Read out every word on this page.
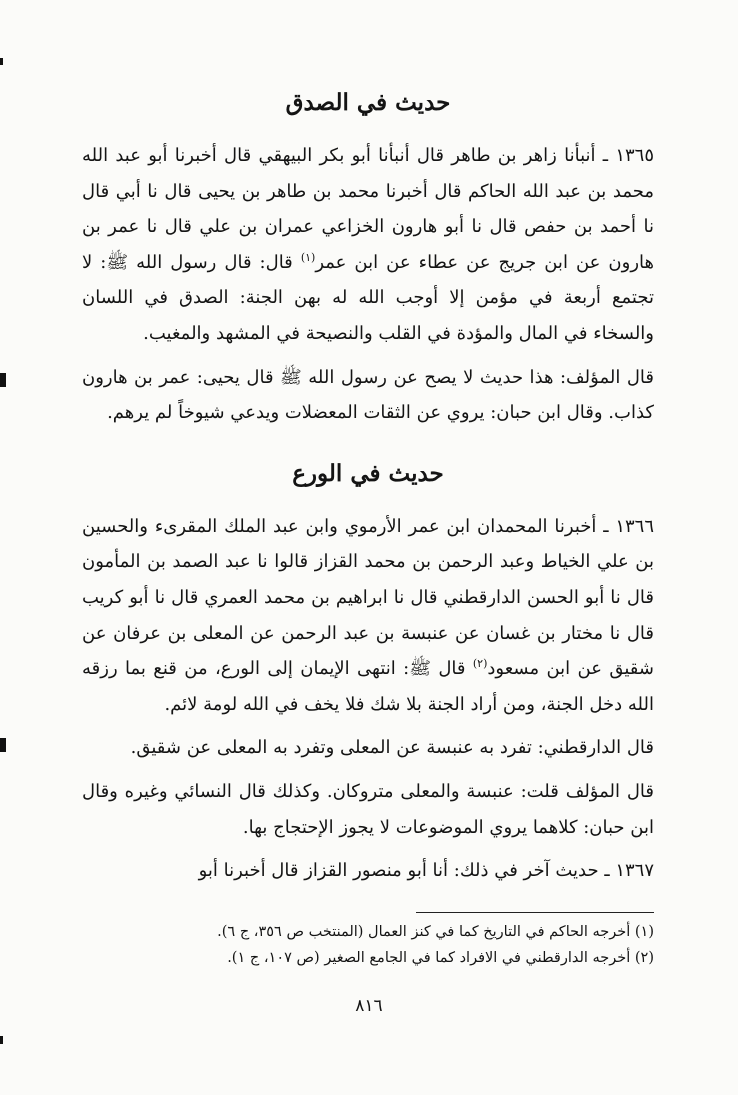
حديث في الصدق

١٣٦٥ ـ أنبأنا زاهر بن طاهر قال أنبأنا أبو بكر البيهقي قال أخبرنا أبو عبد الله محمد بن عبد الله الحاكم قال أخبرنا محمد بن طاهر بن يحيى قال نا أبي قال نا أحمد بن حفص قال نا أبو هارون الخزاعي عمران بن علي قال نا عمر بن هارون عن ابن جريج عن عطاء عن ابن عمر$^{(١)}$ قال: قال رسول الله ﷺ: لا تجتمع أربعة في مؤمن إلا أوجب الله له بهن الجنة: الصدق في اللسان والسخاء في المال والمؤدة في القلب والنصيحة في المشهد والمغيب.

قال المؤلف: هذا حديث لا يصح عن رسول الله ﷺ قال يحيى: عمر بن هارون كذاب. وقال ابن حبان: يروي عن الثقات المعضلات ويدعي شيوخاً لم يرهم.

حديث في الورع

١٣٦٦ ـ أخبرنا المحمدان ابن عمر الأرموي وابن عبد الملك المقرىء والحسين بن علي الخياط وعبد الرحمن بن محمد القزاز قالوا نا عبد الصمد بن المأمون قال نا أبو الحسن الدارقطني قال نا ابراهيم بن محمد العمري قال نا أبو كريب قال نا مختار بن غسان عن عنبسة بن عبد الرحمن عن المعلى بن عرفان عن شقيق عن ابن مسعود$^{(٢)}$ قال ﷺ: انتهى الإيمان إلى الورع، من قنع بما رزقه الله دخل الجنة، ومن أراد الجنة بلا شك فلا يخف في الله لومة لائم.

قال الدارقطني: تفرد به عنبسة عن المعلى وتفرد به المعلى عن شقيق.

قال المؤلف قلت: عنبسة والمعلى متروكان. وكذلك قال النسائي وغيره وقال ابن حبان: كلاهما يروي الموضوعات لا يجوز الإحتجاج بها.

١٣٦٧ ـ حديث آخر في ذلك: أنا أبو منصور القزاز قال أخبرنا أبو

(١) أخرجه الحاكم في التاريخ كما في كنز العمال (المنتخب ص ٣٥٦، ج ٦).

(٢) أخرجه الدارقطني في الافراد كما في الجامع الصغير (ص ١٠٧، ج ١).

٨١٦
